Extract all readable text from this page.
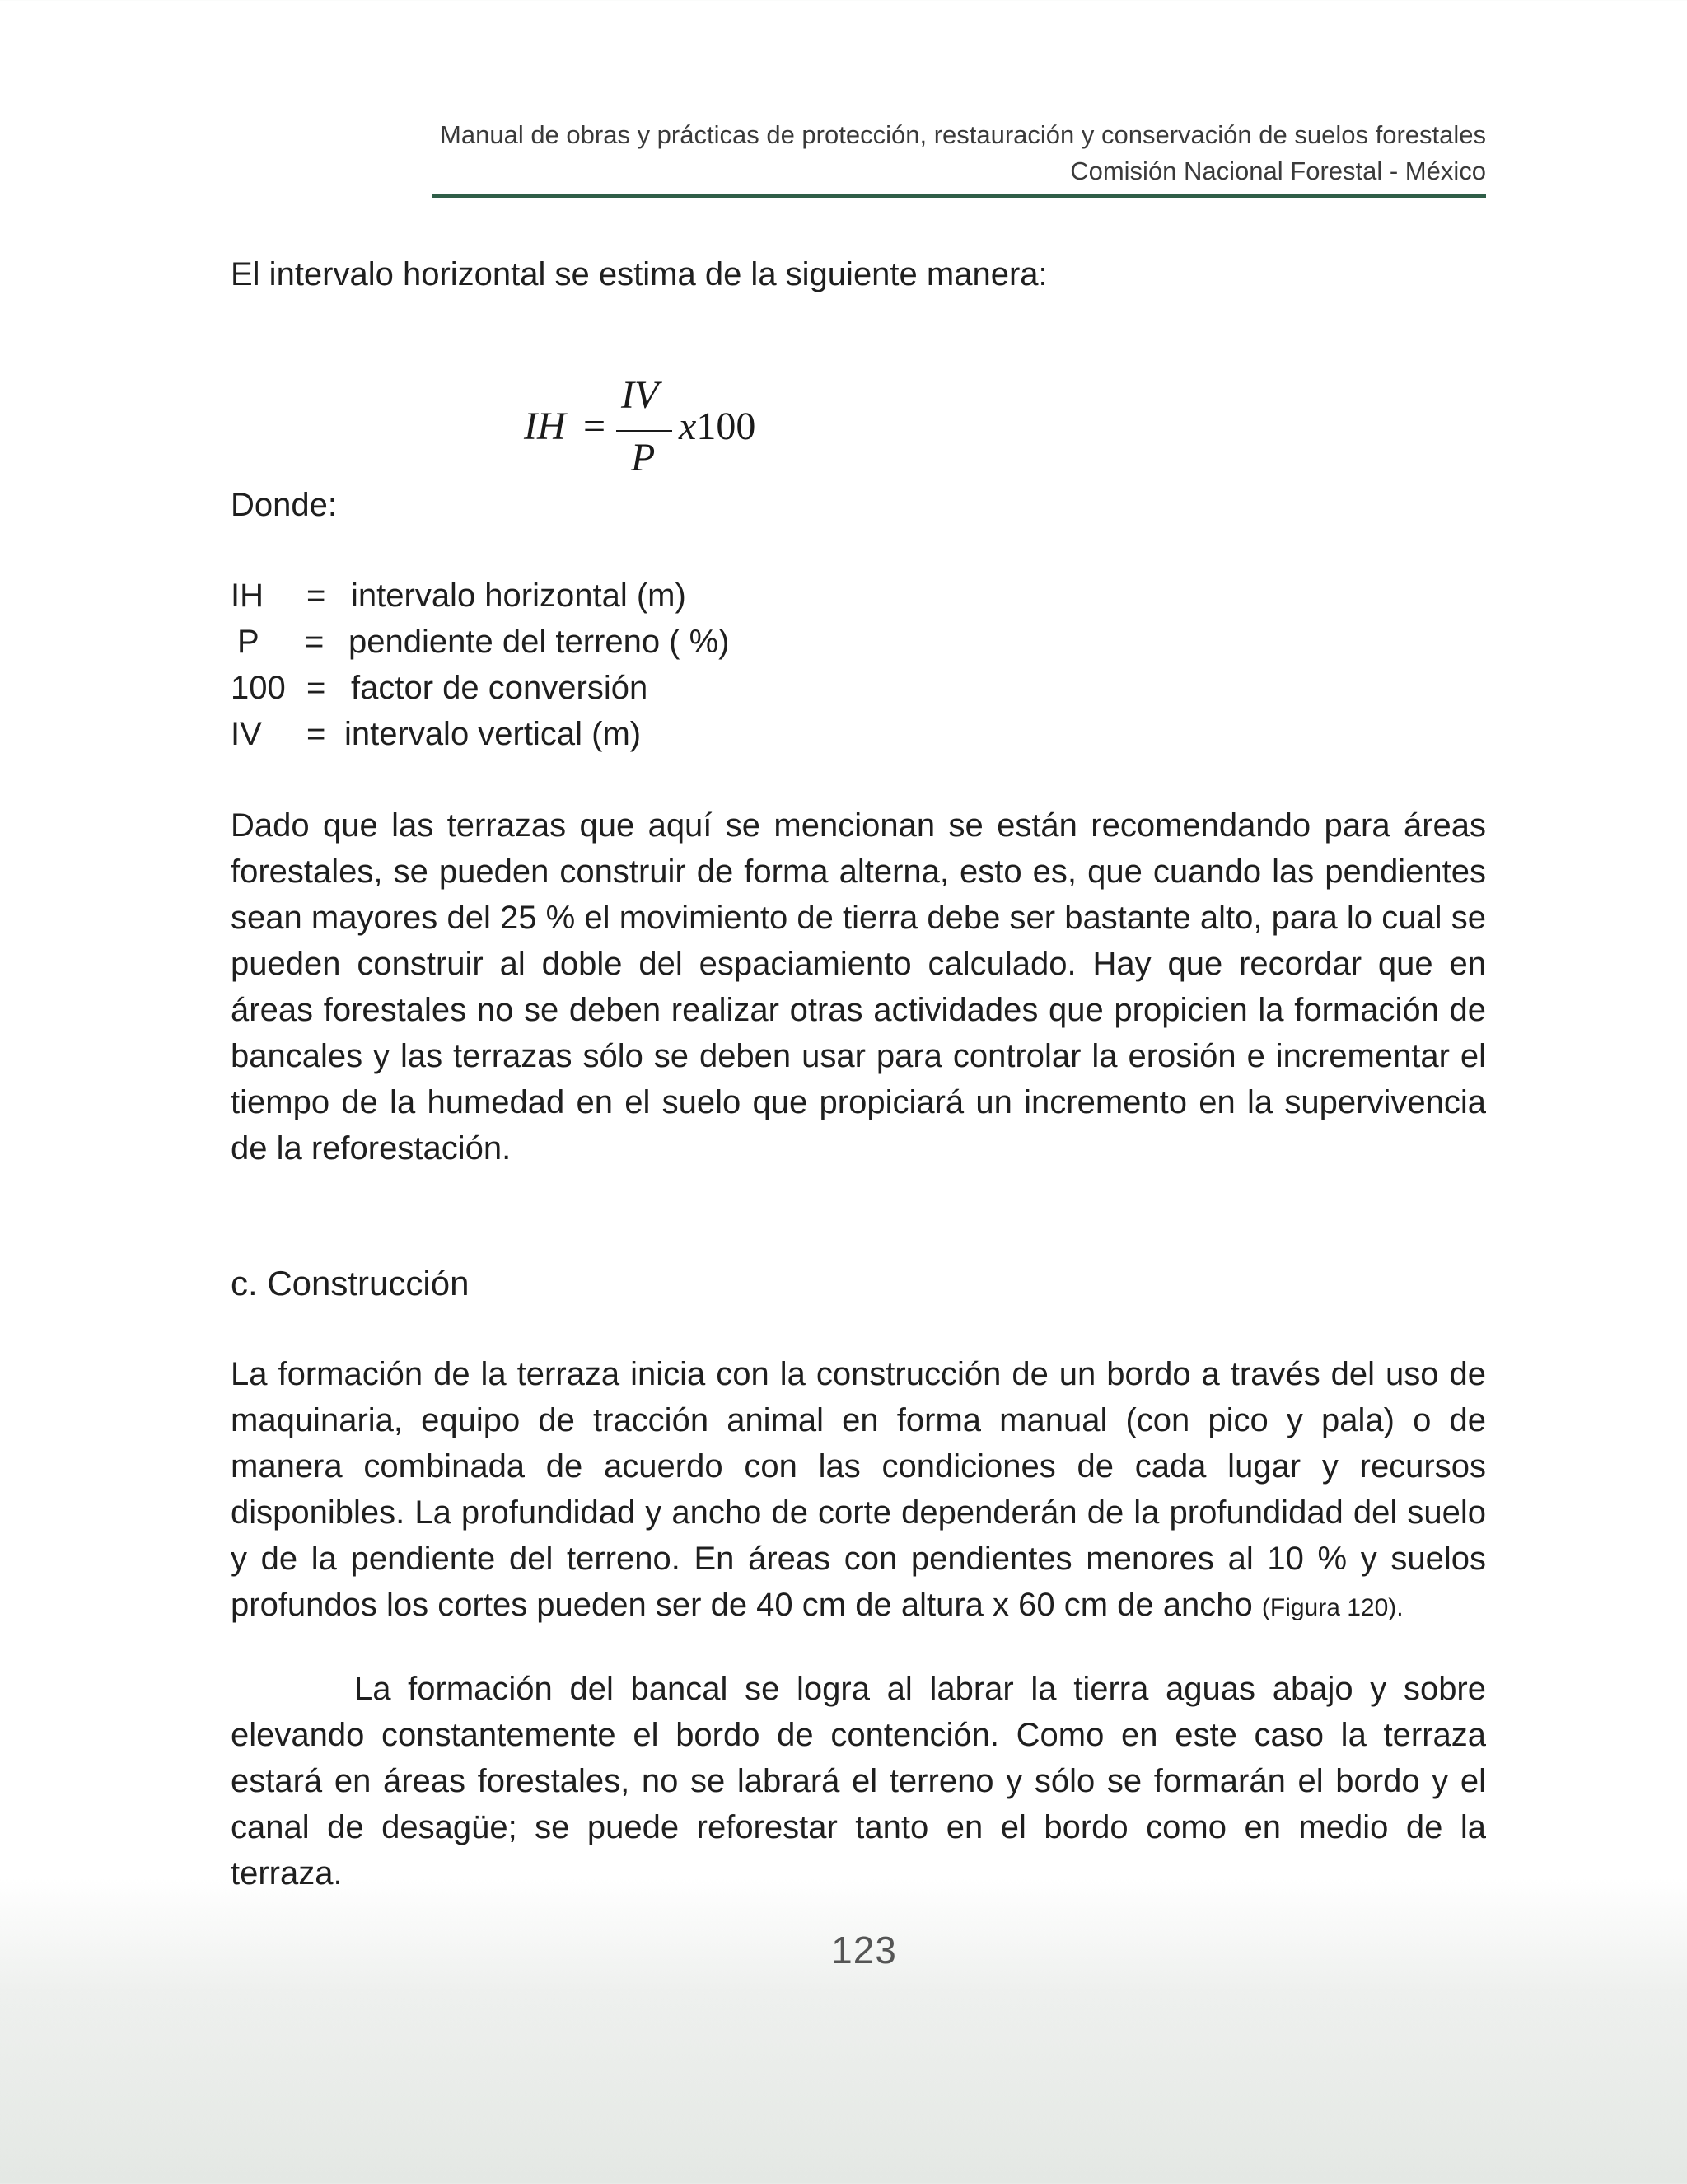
Manual de obras y prácticas de protección, restauración y conservación de suelos forestales
Comisión Nacional Forestal - México
El intervalo horizontal se estima de la siguiente manera:
IH =
IV
P
x100
Donde:
IH = intervalo horizontal (m)
P = pendiente del terreno ( %)
100 = factor de conversión
IV = intervalo vertical (m)
Dado que las terrazas que aquí se mencionan se están recomendando para áreas forestales, se pueden construir de forma alterna, esto es, que cuando las pendientes sean mayores del 25 % el movimiento de tierra debe ser bastante alto, para lo cual se pueden construir al doble del espaciamiento calculado. Hay que recordar que en áreas forestales no se deben realizar otras actividades que propicien la formación de bancales y las terrazas sólo se deben usar para controlar la erosión e incrementar el tiempo de la humedad en el suelo que propiciará un incremento en la supervivencia de la reforestación.
c. Construcción
La formación de la terraza inicia con la construcción de un bordo a través del uso de maquinaria, equipo de tracción animal en forma manual (con pico y pala) o de manera combinada de acuerdo con las condiciones de cada lugar y recursos disponibles. La profundidad y ancho de corte dependerán de la profundidad del suelo y de la pendiente del terreno. En áreas con pendientes menores al 10 % y suelos profundos los cortes pueden ser de 40 cm de altura x 60 cm de ancho (Figura 120).
La formación del bancal se logra al labrar la tierra aguas abajo y sobre elevando constantemente el bordo de contención. Como en este caso la terraza estará en áreas forestales, no se labrará el terreno y sólo se formarán el bordo y el canal de desagüe; se puede reforestar tanto en el bordo como en medio de la terraza.
123
